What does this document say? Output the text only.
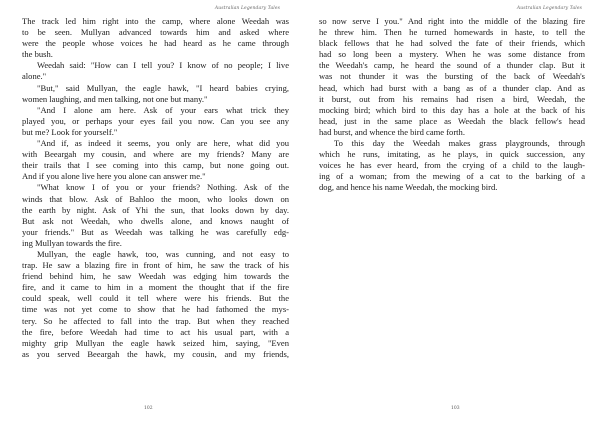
Australian Legendary Tales
The track led him right into the camp, where alone Weedah was
to be seen. Mullyan advanced towards him and asked where
were the people whose voices he had heard as he came through
the bush.
Weedah said: "How can I tell you? I know of no people; I live
alone."
"But," said Mullyan, the eagle hawk, "I heard babies crying,
women laughing, and men talking, not one but many."
"And I alone am here. Ask of your ears what trick they
played you, or perhaps your eyes fail you now. Can you see any
but me? Look for yourself."
"And if, as indeed it seems, you only are here, what did you
with Beeargah my cousin, and where are my friends? Many are
their trails that I see coming into this camp, but none going out.
And if you alone live here you alone can answer me."
"What know I of you or your friends? Nothing. Ask of the
winds that blow. Ask of Bahloo the moon, who looks down on
the earth by night. Ask of Yhi the sun, that looks down by day.
But ask not Weedah, who dwells alone, and knows naught of
your friends." But as Weedah was talking he was carefully edg-
ing Mullyan towards the fire.
Mullyan, the eagle hawk, too, was cunning, and not easy to
trap. He saw a blazing fire in front of him, he saw the track of his
friend behind him, he saw Weedah was edging him towards the
fire, and it came to him in a moment the thought that if the fire
could speak, well could it tell where were his friends. But the
time was not yet come to show that he had fathomed the mys-
tery. So he affected to fall into the trap. But when they reached
the fire, before Weedah had time to act his usual part, with a
mighty grip Mullyan the eagle hawk seized him, saying, "Even
as you served Beeargah the hawk, my cousin, and my friends,
102
Australian Legendary Tales
so now serve I you." And right into the middle of the blazing fire
he threw him. Then he turned homewards in haste, to tell the
black fellows that he had solved the fate of their friends, which
had so long been a mystery. When he was some distance from
the Weedah's camp, he heard the sound of a thunder clap. But it
was not thunder it was the bursting of the back of Weedah's
head, which had burst with a bang as of a thunder clap. And as
it burst, out from his remains had risen a bird, Weedah, the
mocking bird; which bird to this day has a hole at the back of his
head, just in the same place as Weedah the black fellow's head
had burst, and whence the bird came forth.
To this day the Weedah makes grass playgrounds, through
which he runs, imitating, as he plays, in quick succession, any
voices he has ever heard, from the crying of a child to the laugh-
ing of a woman; from the mewing of a cat to the barking of a
dog, and hence his name Weedah, the mocking bird.
103
